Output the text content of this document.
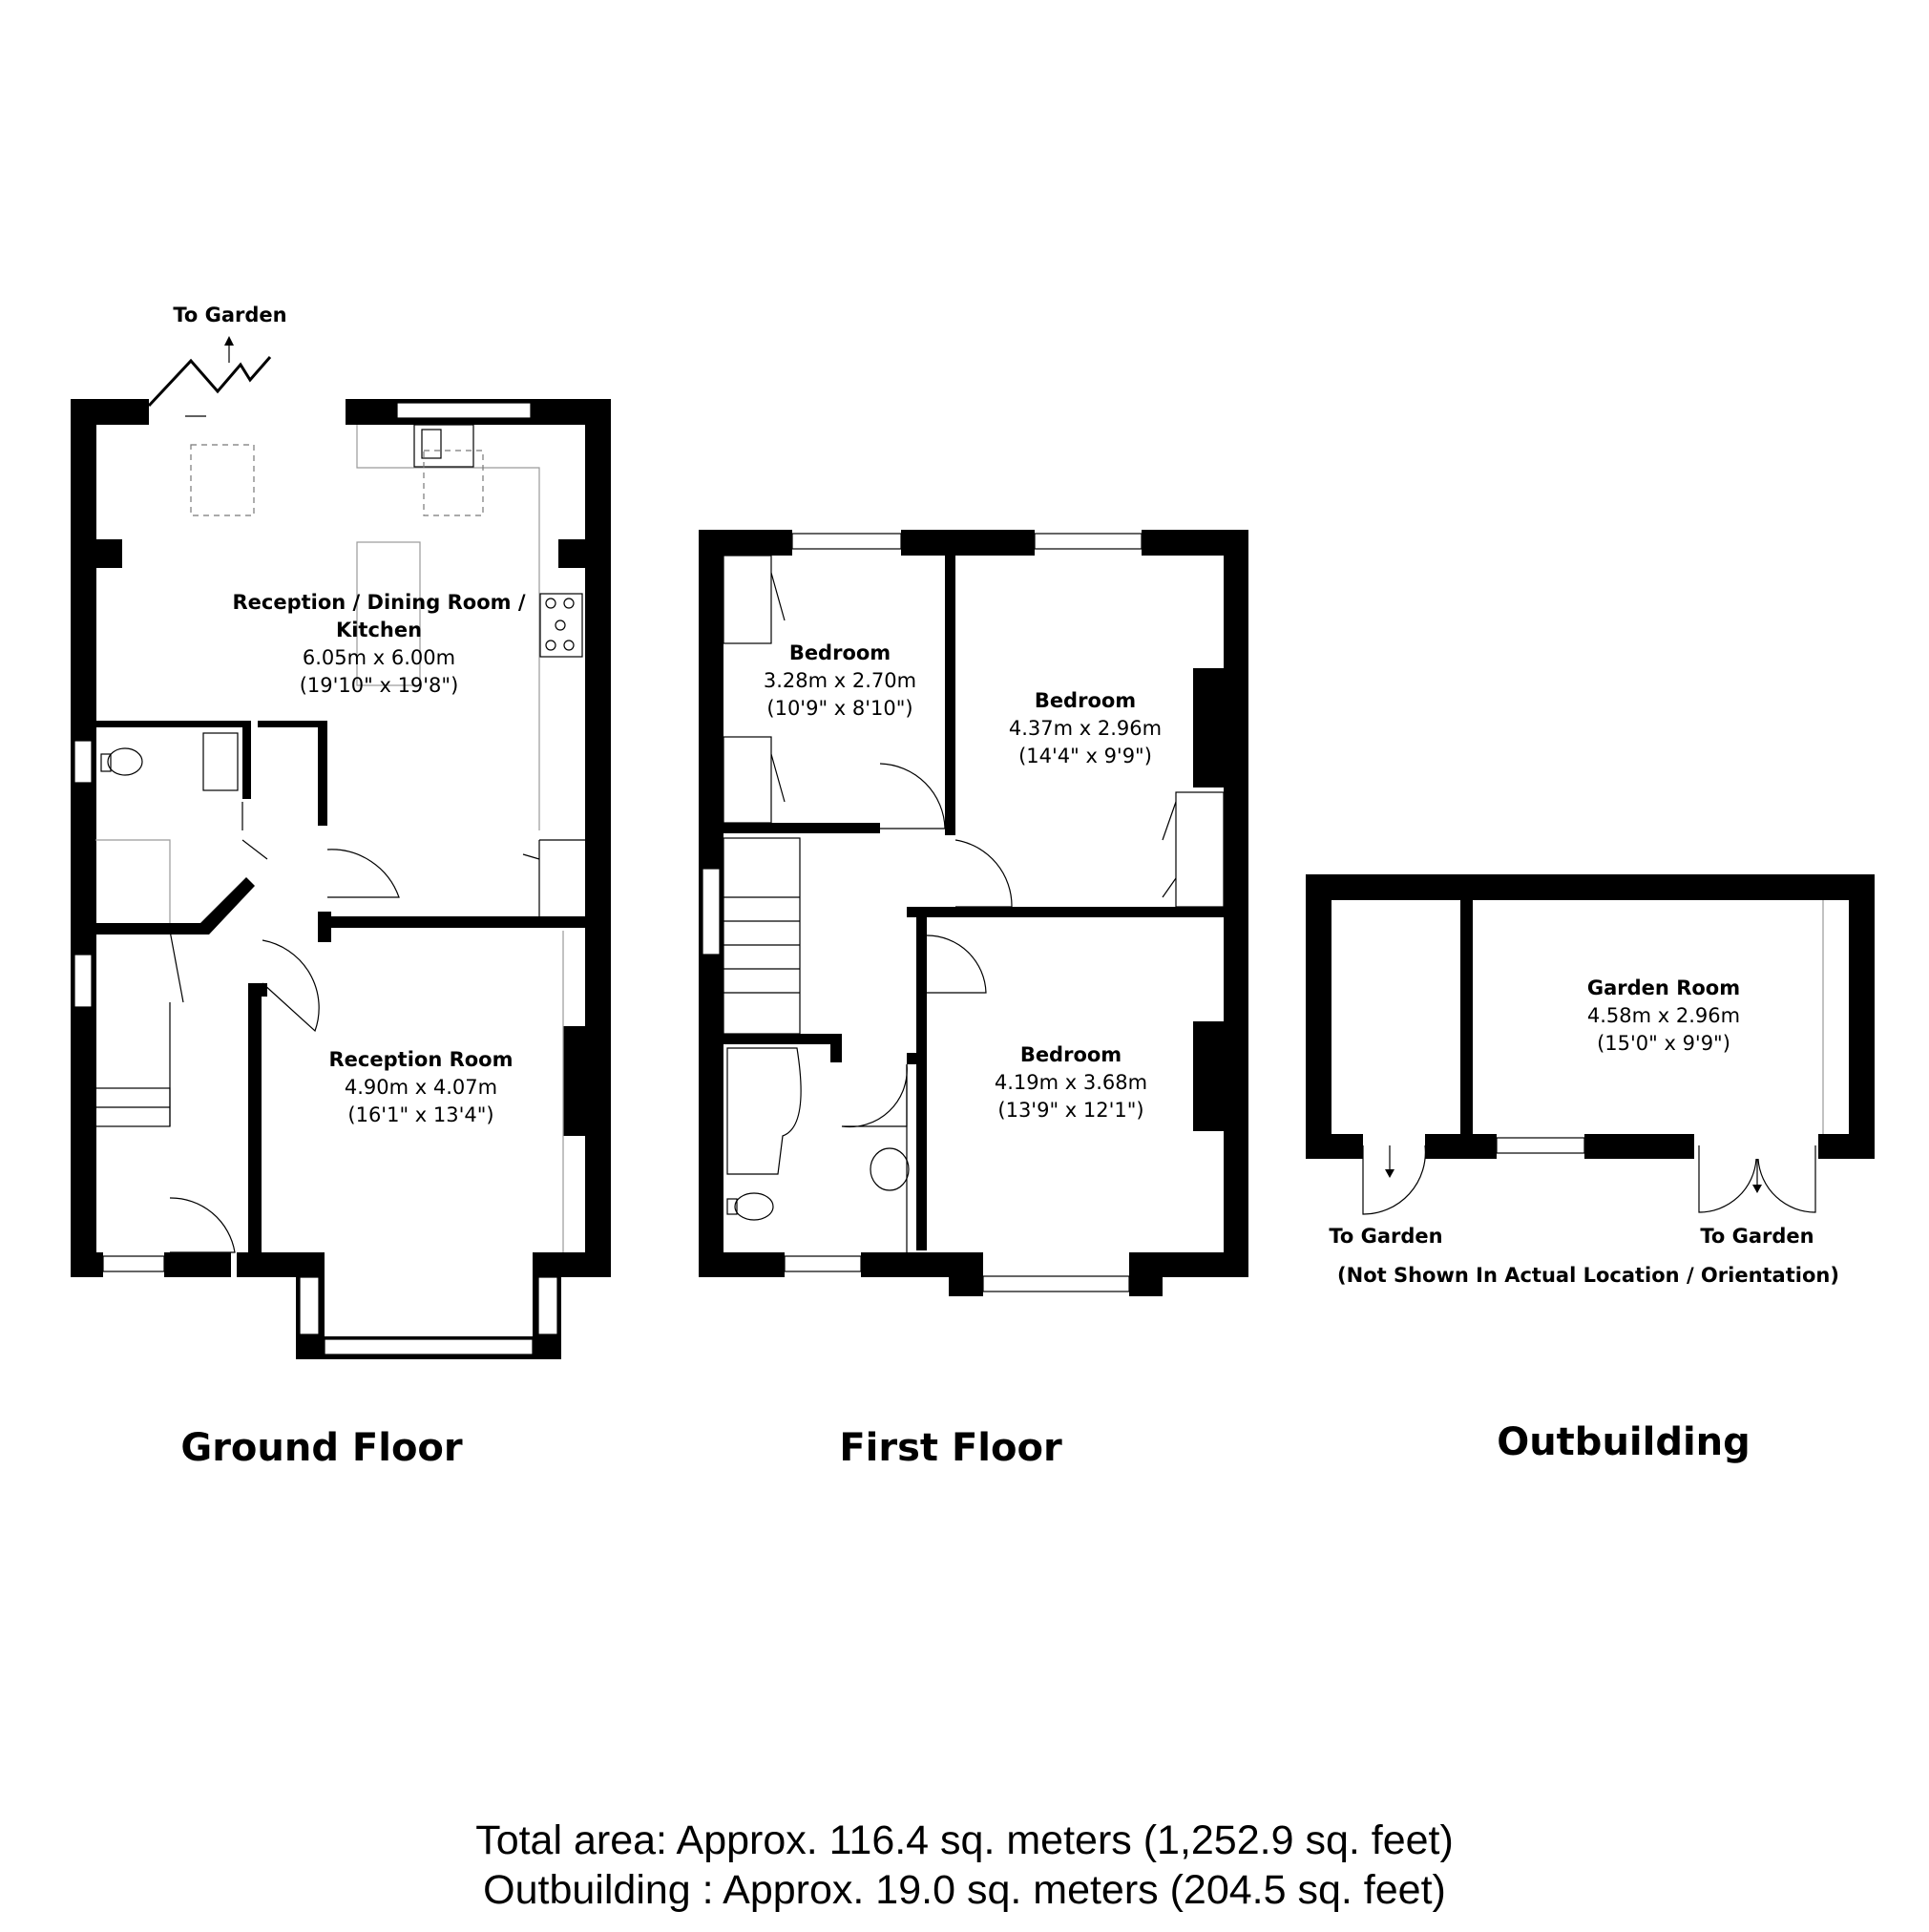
To Garden
Reception / Dining Room /
Kitchen
6.05m x 6.00m
(19'10" x 19'8")
Reception Room
4.90m x 4.07m
(16'1" x 13'4")
Bedroom
3.28m x 2.70m
(10'9" x 8'10")	Bedroom
4.37m x 2.96m
(14'4" x 9'9")
Bedroom
4.19m x 3.68m
(13'9" x 12'1")
Garden Room
4.58m x 2.96m
(15'0" x 9'9")
To Garden	To Garden
(Not Shown In Actual Location / Orientation)
Ground Floor	First Floor	Outbuilding
Total area: Approx. 116.4 sq. meters (1,252.9 sq. feet)
Outbuilding : Approx. 19.0 sq. meters (204.5 sq. feet)
